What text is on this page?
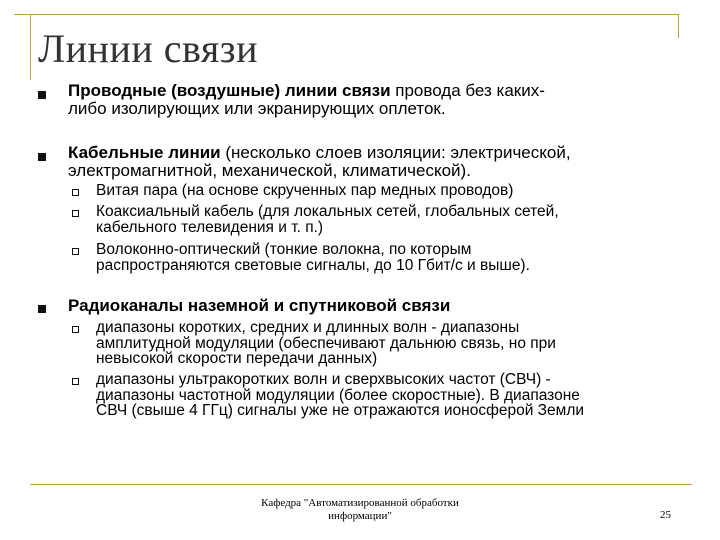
Линии связи
Проводные (воздушные) линии связи провода без каких-
либо изолирующих или экранирующих оплеток.
Кабельные линии (несколько слоев изоляции: электрической,
электромагнитной, механической, климатической).
Витая пара (на основе скрученных пар медных проводов)
Коаксиальный кабель (для локальных сетей, глобальных сетей,
кабельного телевидения и т. п.)
Волоконно-оптический (тонкие волокна, по которым
распространяются световые сигналы, до 10 Гбит/с и выше).
Радиоканалы наземной и спутниковой связи
диапазоны коротких, средних и длинных волн - диапазоны
амплитудной модуляции (обеспечивают дальнюю связь, но при
невысокой скорости передачи данных)
диапазоны ультракоротких волн и сверхвысоких частот (СВЧ) -
диапазоны частотной модуляции (более скоростные). В диапазоне
СВЧ (свыше 4 ГГц) сигналы уже не отражаются ионосферой Земли
Кафедра "Автоматизированной обработки
информации"	25
